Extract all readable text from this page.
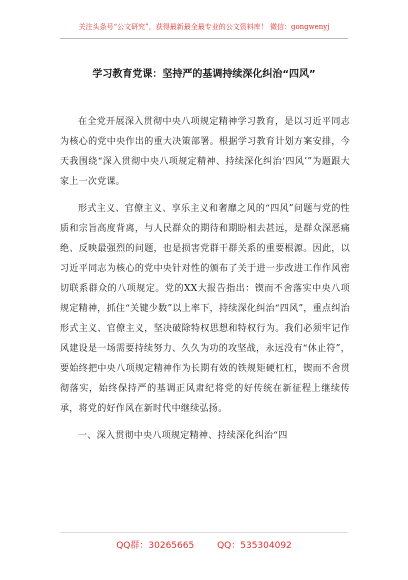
关注头条号“公文研究”，获得最新最全最专业的公文资料库！ 微信：gongwenyj
学习教育党课：坚持严的基调持续深化纠治“四风”

在全党开展深入贯彻中央八项规定精神学习教育，是以习近平同志为核心的党中央作出的重大决策部署。根据学习教育计划方案安排，今天我围绕“深入贯彻中央八项规定精神、持续深化纠治‘四风’”为题跟大家上一次党课。

形式主义、官僚主义、享乐主义和奢靡之风的“四风”问题与党的性质和宗旨高度背离，与人民群众的期待和期盼相去甚远，是群众深恶痛绝、反映最强烈的问题，也是损害党群干群关系的重要根源。因此，以习近平同志为核心的党中央针对性的颁布了关于进一步改进工作作风密切联系群众的八项规定。党的XX大报告指出：锲而不舍落实中央八项规定精神，抓住“关键少数”以上率下，持续深化纠治“四风”，重点纠治形式主义、官僚主义，坚决破除特权思想和特权行为。我们必须牢记作风建设是一场需要持续努力、久久为功的攻坚战，永远没有“休止符”，要始终把中央八项规定精神作为长期有效的铁规矩硬杠杠，锲而不舍贯彻落实，始终保持严的基调正风肃纪将党的好传统在新征程上继续传承，将党的好作风在新时代中继续弘扬。

一、深入贯彻中央八项规定精神、持续深化纠治“四

QQ群：30265665	QQ：535304092
